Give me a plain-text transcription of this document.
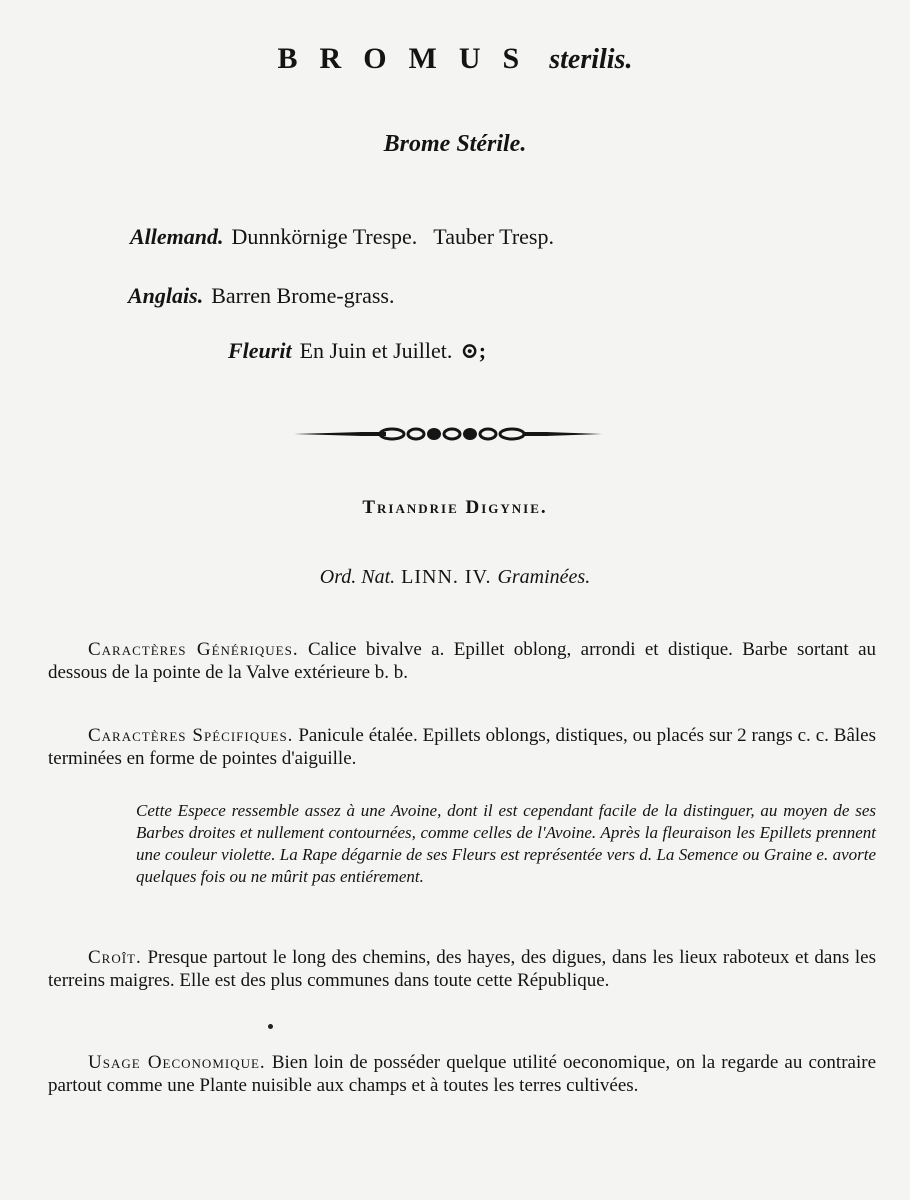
BROMUS sterilis.
Brome Stérile.
Allemand. Dunnkörnige Trespe. Tauber Tresp.
Anglais. Barren Brome-grass.
Fleurit En Juin et Juillet. ⊙;
Triandrie Digynie.
Ord. Nat. LINN. IV. Graminées.
Caractères Génériques. Calice bivalve a. Epillet oblong, arrondi et distique. Barbe sortant au dessous de la pointe de la Valve extérieure b. b.
Caractères Spécifiques. Panicule étalée. Epillets oblongs, distiques, ou placés sur 2 rangs c. c. Bâles terminées en forme de pointes d'aiguille.
Cette Espece ressemble assez à une Avoine, dont il est cependant facile de la distinguer, au moyen de ses Barbes droites et nullement contournées, comme celles de l'Avoine. Après la fleuraison les Epillets prennent une couleur violette. La Rape dégarnie de ses Fleurs est représentée vers d. La Semence ou Graine e. avorte quelques fois ou ne mûrit pas entiérement.
Croît. Presque partout le long des chemins, des hayes, des digues, dans les lieux raboteux et dans les terreins maigres. Elle est des plus communes dans toute cette République.
Usage Oeconomique. Bien loin de posséder quelque utilité oeconomique, on la regarde au contraire partout comme une Plante nuisible aux champs et à toutes les terres cultivées.
